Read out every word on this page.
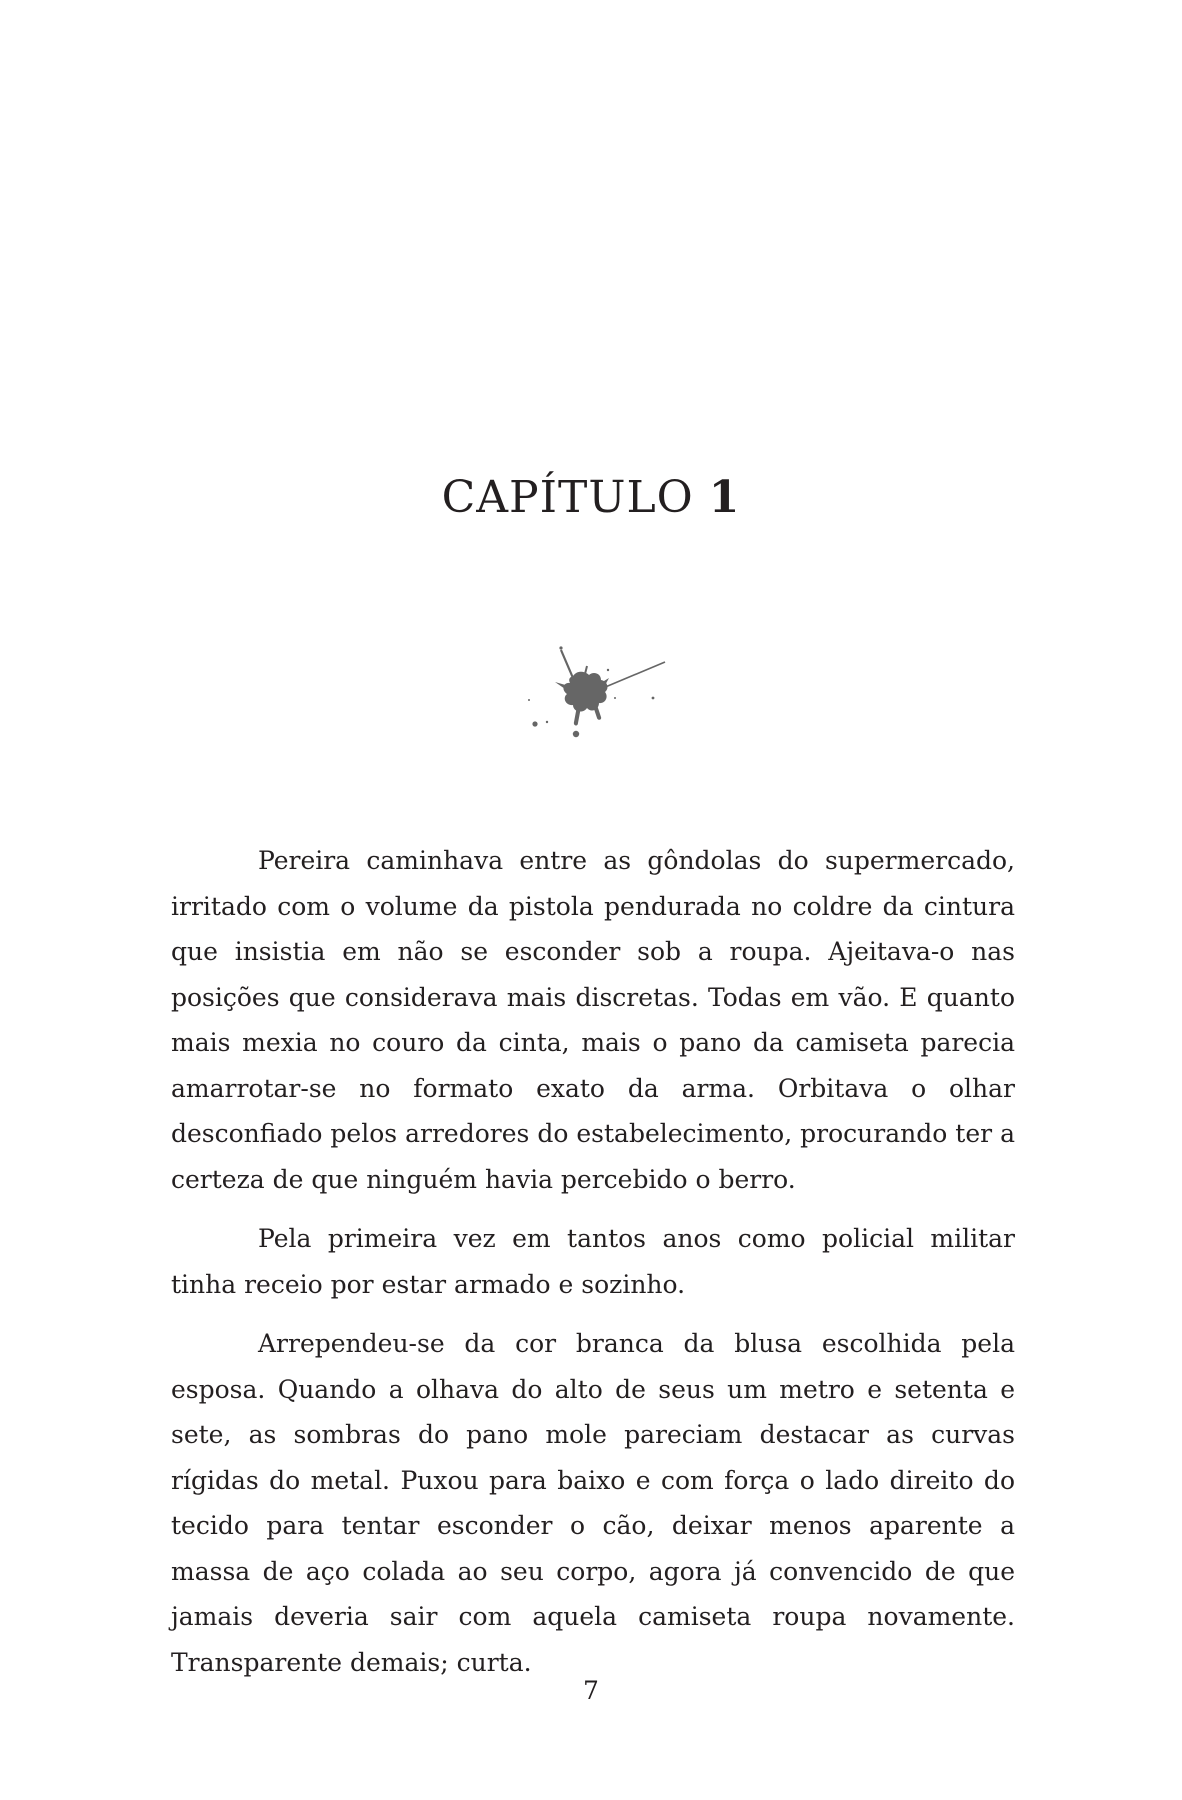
CAPÍTULO 1

Pereira caminhava entre as gôndolas do supermercado, irritado com o volume da pistola pendurada no coldre da cintura que insistia em não se esconder sob a roupa. Ajeitava-o nas posições que considerava mais discretas. Todas em vão. E quanto mais mexia no couro da cinta, mais o pano da camiseta parecia amarrotar-se no formato exato da arma. Orbitava o olhar desconfiado pelos arredores do estabelecimento, procurando ter a certeza de que ninguém havia percebido o berro.

Pela primeira vez em tantos anos como policial militar tinha receio por estar armado e sozinho.

Arrependeu-se da cor branca da blusa escolhida pela esposa. Quando a olhava do alto de seus um metro e setenta e sete, as sombras do pano mole pareciam destacar as curvas rígidas do metal. Puxou para baixo e com força o lado direito do tecido para tentar esconder o cão, deixar menos aparente a massa de aço colada ao seu corpo, agora já convencido de que jamais deveria sair com aquela camiseta roupa novamente. Transparente demais; curta.

7
